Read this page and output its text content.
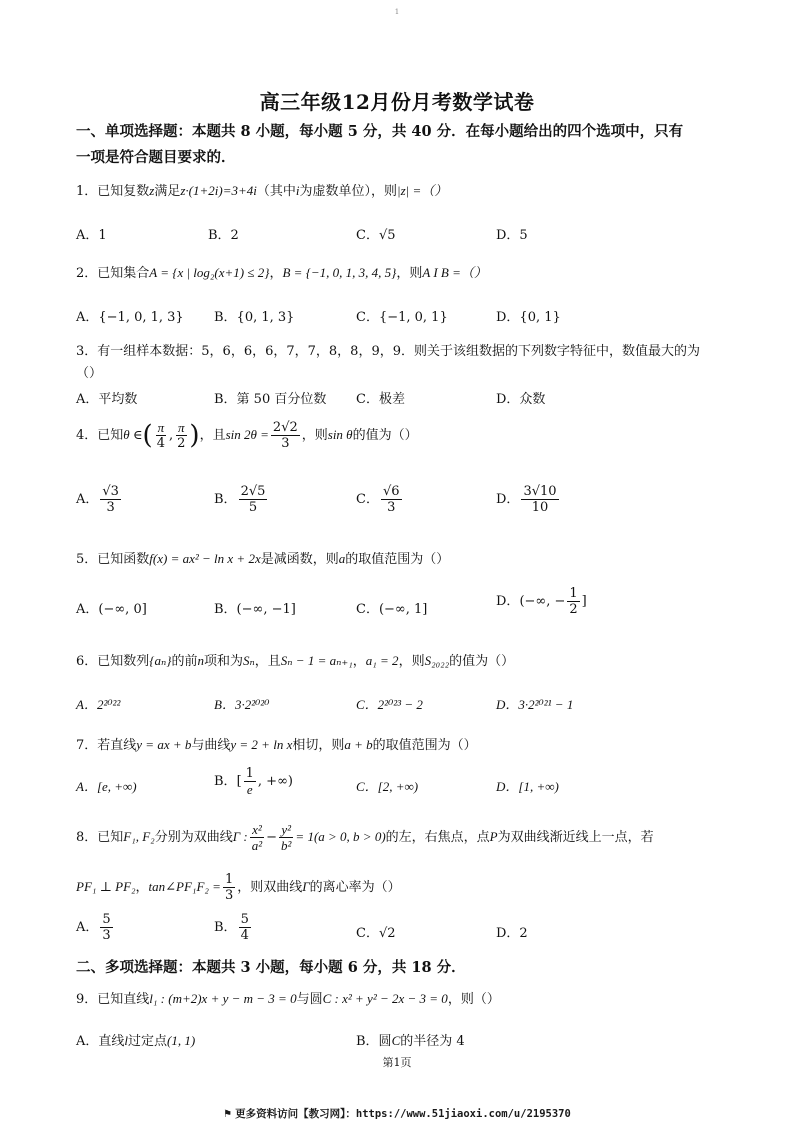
1
高三年级12月份月考数学试卷
一、单项选择题：本题共 8 小题，每小题 5 分，共 40 分．在每小题给出的四个选项中，只有
一项是符合题目要求的．
1．已知复数z满足z·(1+2i)=3+4i（其中i为虚数单位），则|z| =（）
A．1	B．2	C．√5	D．5
2．已知集合A = {x | log₂(x+1) ≤ 2}，B = {−1, 0, 1, 3, 4, 5}，则A I B =（）
A．{−1, 0, 1, 3} B．{0, 1, 3}	C．{−1, 0, 1}	D．{0, 1}
3．有一组样本数据：5，6，6，6，7，7，8，8，9，9．则关于该组数据的下列数字特征中，数值最大的为
（）
A．平均数	B．第 50 百分位数 C．极差	D．众数
4．已知θ ∈( $\frac{\pi}{4}$ , $\frac{\pi}{2}$ )，且$\sin 2\theta = \frac{2√2}{3}$ ，则sin θ的值为（）
A． $\frac{√3}{3}$	B． $\frac{2√5}{5}$	C． $\frac{√6}{3}$	D． $\frac{3√10}{10}$
5．已知函数f(x) = ax² − ln x + 2x是减函数，则a的取值范围为（）
A．(−∞, 0]	B．(−∞, −1]	C．(−∞, 1]
D．(−∞, − $\frac{1}{2}$ ]
6．已知数列{aₙ}的前n项和为Sₙ，且Sₙ − 1 = aₙ₊₁，a₁ = 2，则S₂₀₂₂的值为（）
A．2²⁰²²	B．3·2²⁰²⁰	C．2²⁰²³ − 2	D．3·2²⁰²¹ − 1
7．若直线y = ax + b与曲线y = 2 + ln x相切，则a + b的取值范围为（）
A．[e, +∞)	B．[ $\frac{1}{e}$ , +∞)	C．[2, +∞)	D．[1, +∞)
8．已知F₁, F₂分别为双曲线Γ : $\frac{\text{x²}}{\text{a²}} - \frac{\text{y²}}{\text{b²}} = 1(a > 0$, b > 0)的左，右焦点，点P为双曲线渐近线上一点，若
PF₁ ⊥ PF₂，tan∠PF₁F₂ = $\frac{1}{3}$ ，则双曲线Γ的离心率为（）
A． $\frac{5}{3}$	B． $\frac{5}{4}$	C．√2	D．2
二、多项选择题：本题共 3 小题，每小题 6 分，共 18 分．
9．已知直线l₁ : (m+2)x + y − m − 3 = 0与圆C : x² + y² − 2x − 3 = 0，则（）
A．直线l过定点(1, 1)	B．圆C的半径为 4
第1页
⚑ 更多资料访问【教习网】：https://www.51jiaoxi.com/u/2195370
